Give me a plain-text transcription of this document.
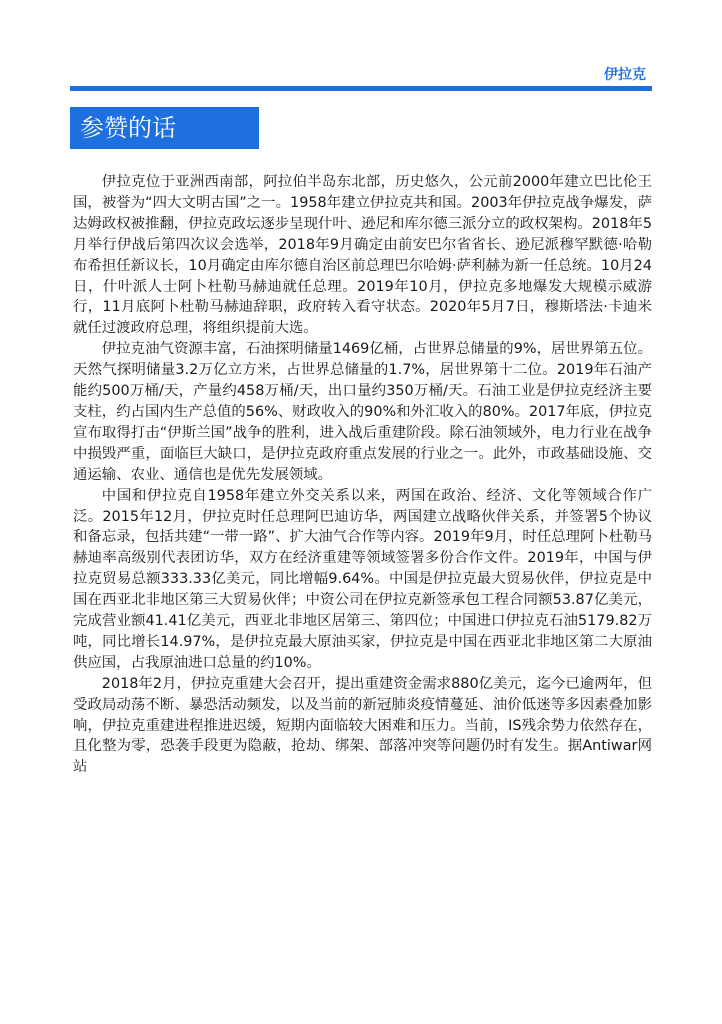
伊拉克
参赞的话

伊拉克位于亚洲西南部，阿拉伯半岛东北部，历史悠久，公元前2000年建立巴比伦王国，被誉为“四大文明古国”之一。1958年建立伊拉克共和国。2003年伊拉克战争爆发，萨达姆政权被推翻，伊拉克政坛逐步呈现什叶、逊尼和库尔德三派分立的政权架构。2018年5月举行伊战后第四次议会选举，2018年9月确定由前安巴尔省省长、逊尼派穆罕默德·哈勒布希担任新议长，10月确定由库尔德自治区前总理巴尔哈姆·萨利赫为新一任总统。10月24日，什叶派人士阿卜杜勒马赫迪就任总理。2019年10月，伊拉克多地爆发大规模示威游行，11月底阿卜杜勒马赫迪辞职，政府转入看守状态。2020年5月7日，穆斯塔法·卡迪米就任过渡政府总理，将组织提前大选。

伊拉克油气资源丰富，石油探明储量1469亿桶，占世界总储量的9%，居世界第五位。天然气探明储量3.2万亿立方米，占世界总储量的1.7%，居世界第十二位。2019年石油产能约500万桶/天，产量约458万桶/天，出口量约350万桶/天。石油工业是伊拉克经济主要支柱，约占国内生产总值的56%、财政收入的90%和外汇收入的80%。2017年底，伊拉克宣布取得打击“伊斯兰国”战争的胜利，进入战后重建阶段。除石油领域外，电力行业在战争中损毁严重，面临巨大缺口，是伊拉克政府重点发展的行业之一。此外，市政基础设施、交通运输、农业、通信也是优先发展领域。

中国和伊拉克自1958年建立外交关系以来，两国在政治、经济、文化等领域合作广泛。2015年12月，伊拉克时任总理阿巴迪访华，两国建立战略伙伴关系，并签署5个协议和备忘录，包括共建“一带一路”、扩大油气合作等内容。2019年9月，时任总理阿卜杜勒马赫迪率高级别代表团访华，双方在经济重建等领域签署多份合作文件。2019年，中国与伊拉克贸易总额333.33亿美元，同比增幅9.64%。中国是伊拉克最大贸易伙伴，伊拉克是中国在西亚北非地区第三大贸易伙伴；中资公司在伊拉克新签承包工程合同额53.87亿美元，完成营业额41.41亿美元，西亚北非地区居第三、第四位；中国进口伊拉克石油5179.82万吨，同比增长14.97%，是伊拉克最大原油买家，伊拉克是中国在西亚北非地区第二大原油供应国，占我原油进口总量的约10%。

2018年2月，伊拉克重建大会召开，提出重建资金需求880亿美元，迄今已逾两年，但受政局动荡不断、暴恐活动频发，以及当前的新冠肺炎疫情蔓延、油价低迷等多因素叠加影响，伊拉克重建进程推进迟缓，短期内面临较大困难和压力。当前，IS残余势力依然存在，且化整为零，恐袭手段更为隐蔽，抢劫、绑架、部落冲突等问题仍时有发生。据Antiwar网站
